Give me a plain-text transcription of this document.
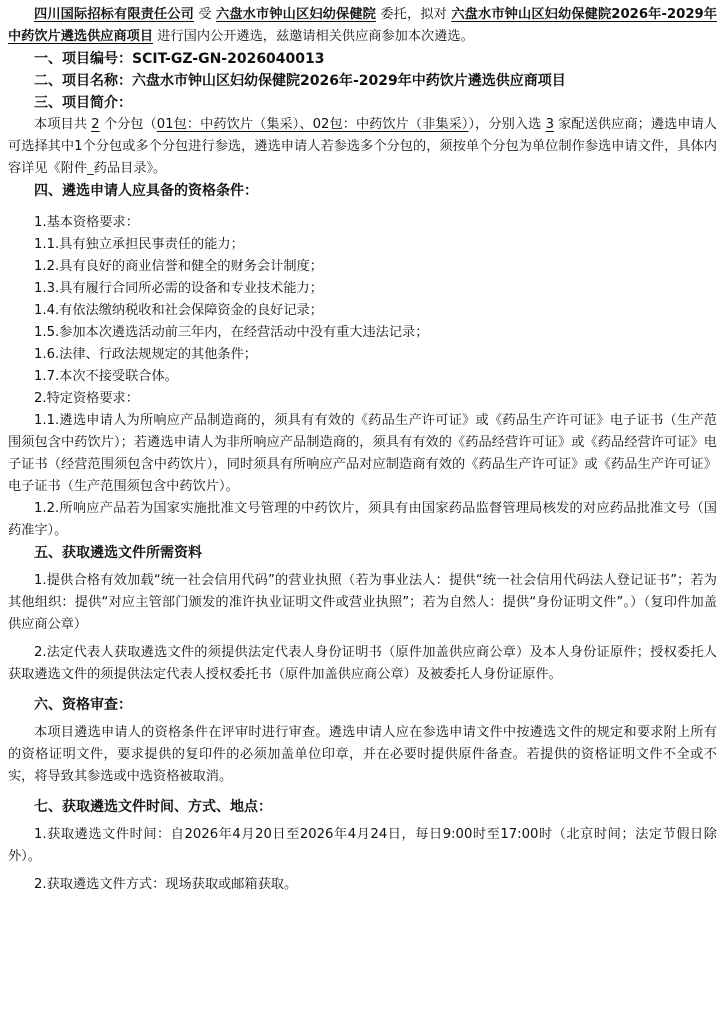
四川国际招标有限责任公司 受 六盘水市钟山区妇幼保健院 委托，拟对 六盘水市钟山区妇幼保健院2026年-2029年中药饮片遴选供应商项目 进行国内公开遴选，兹邀请相关供应商参加本次遴选。

一、项目编号：SCIT-GZ-GN-2026040013

二、项目名称：六盘水市钟山区妇幼保健院2026年-2029年中药饮片遴选供应商项目

三、项目简介：

本项目共 2 个分包（01包：中药饮片（集采）、02包：中药饮片（非集采）），分别入选 3 家配送供应商；遴选申请人可选择其中1个分包或多个分包进行参选，遴选申请人若参选多个分包的，须按单个分包为单位制作参选申请文件，具体内容详见《附件_药品目录》。

四、遴选申请人应具备的资格条件：

1.基本资格要求：

1.1.具有独立承担民事责任的能力；

1.2.具有良好的商业信誉和健全的财务会计制度；

1.3.具有履行合同所必需的设备和专业技术能力；

1.4.有依法缴纳税收和社会保障资金的良好记录；

1.5.参加本次遴选活动前三年内，在经营活动中没有重大违法记录；

1.6.法律、行政法规规定的其他条件；

1.7.本次不接受联合体。

2.特定资格要求：

1.1.遴选申请人为所响应产品制造商的，须具有有效的《药品生产许可证》或《药品生产许可证》电子证书（生产范围须包含中药饮片）；若遴选申请人为非所响应产品制造商的，须具有有效的《药品经营许可证》或《药品经营许可证》电子证书（经营范围须包含中药饮片），同时须具有所响应产品对应制造商有效的《药品生产许可证》或《药品生产许可证》电子证书（生产范围须包含中药饮片）。

1.2.所响应产品若为国家实施批准文号管理的中药饮片，须具有由国家药品监督管理局核发的对应药品批准文号（国药准字）。

五、获取遴选文件所需资料

1.提供合格有效加载“统一社会信用代码”的营业执照（若为事业法人：提供“统一社会信用代码法人登记证书”；若为其他组织：提供“对应主管部门颁发的准许执业证明文件或营业执照”；若为自然人：提供“身份证明文件”。）（复印件加盖供应商公章）

2.法定代表人获取遴选文件的须提供法定代表人身份证明书（原件加盖供应商公章）及本人身份证原件；授权委托人获取遴选文件的须提供法定代表人授权委托书（原件加盖供应商公章）及被委托人身份证原件。

六、资格审查：

本项目遴选申请人的资格条件在评审时进行审查。遴选申请人应在参选申请文件中按遴选文件的规定和要求附上所有的资格证明文件，要求提供的复印件的必须加盖单位印章，并在必要时提供原件备查。若提供的资格证明文件不全或不实，将导致其参选或中选资格被取消。

七、获取遴选文件时间、方式、地点：

1.获取遴选文件时间：自2026年4月20日至2026年4月24日，每日9:00时至17:00时（北京时间；法定节假日除外）。

2.获取遴选文件方式：现场获取或邮箱获取。
